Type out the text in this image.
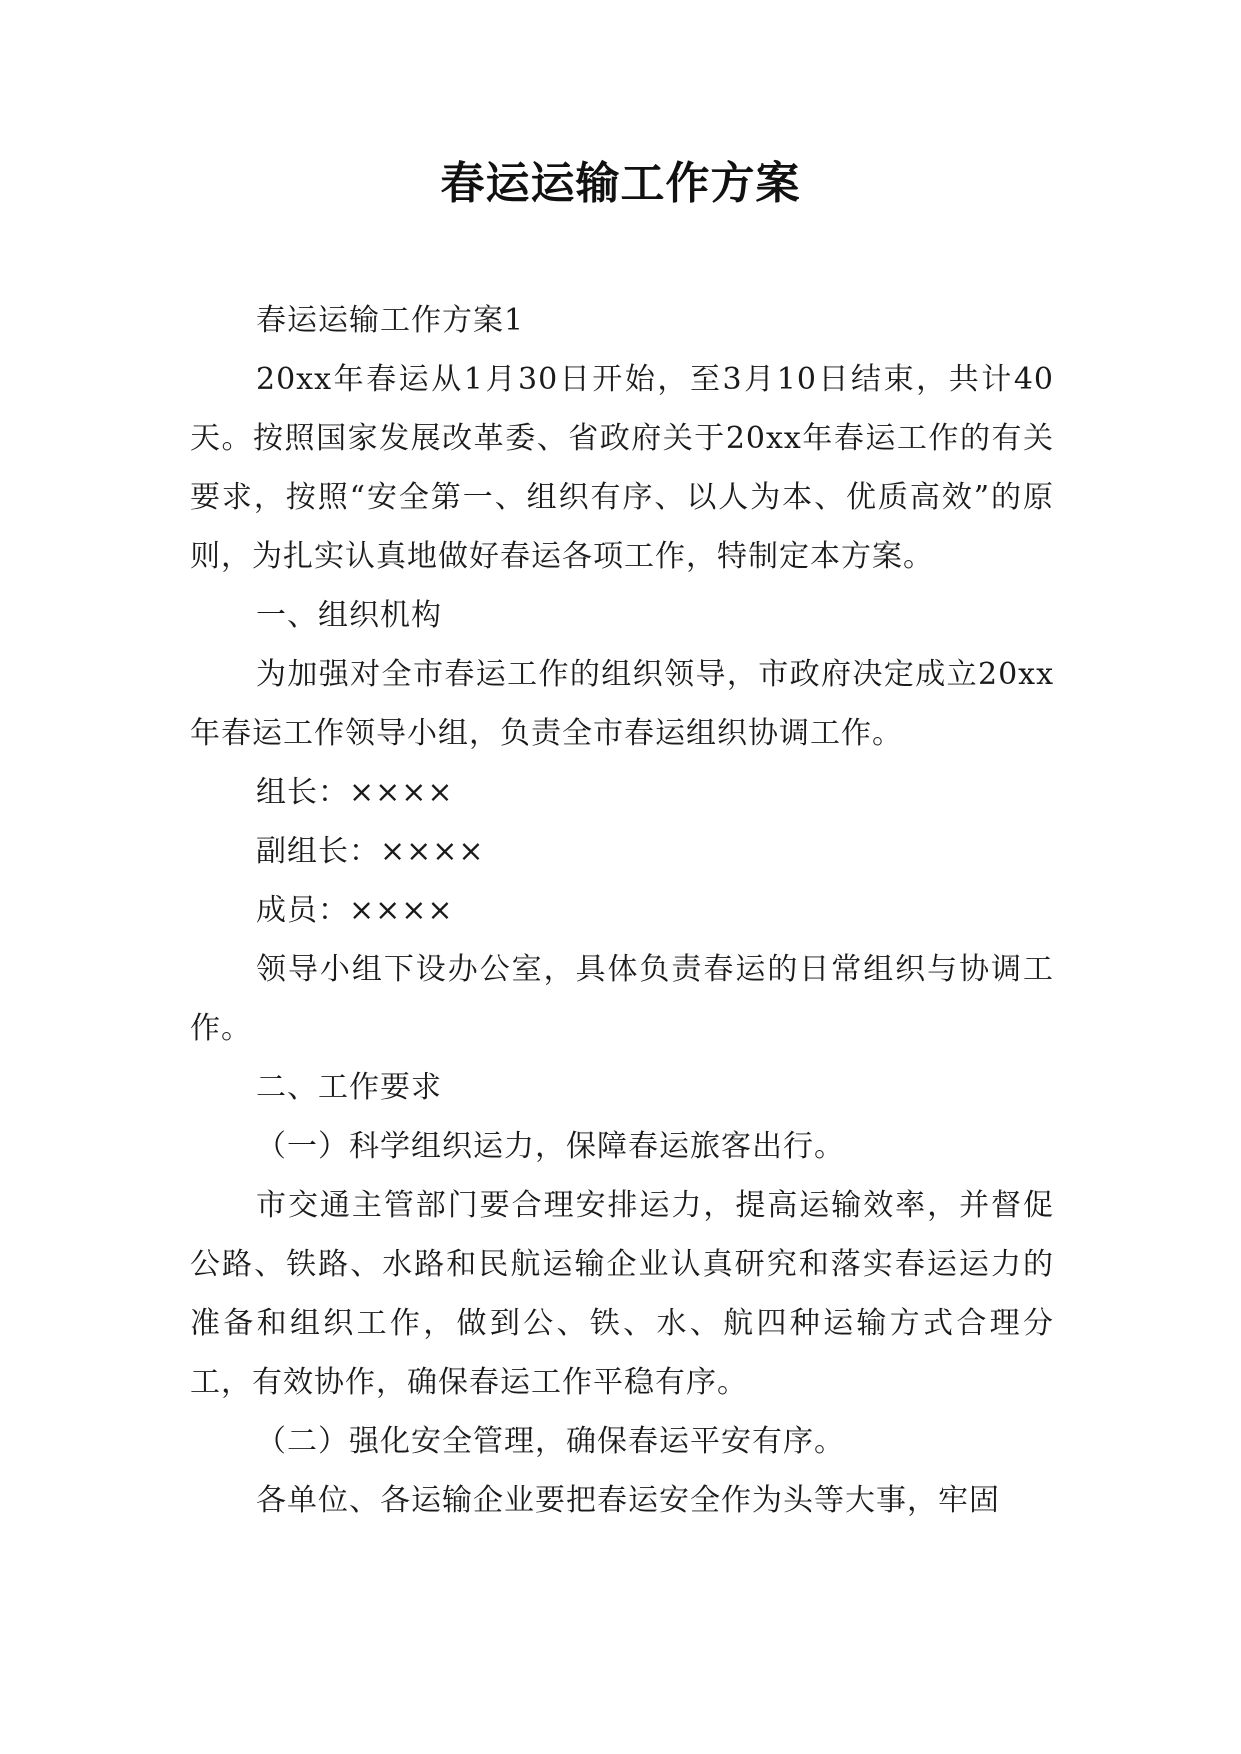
春运运输工作方案

春运运输工作方案1

20xx年春运从1月30日开始，至3月10日结束，共计40天。按照国家发展改革委、省政府关于20xx年春运工作的有关要求，按照“安全第一、组织有序、以人为本、优质高效”的原则，为扎实认真地做好春运各项工作，特制定本方案。

一、组织机构

为加强对全市春运工作的组织领导，市政府决定成立20xx年春运工作领导小组，负责全市春运组织协调工作。

组长：××××

副组长：××××

成员：××××

领导小组下设办公室，具体负责春运的日常组织与协调工作。

二、工作要求

（一）科学组织运力，保障春运旅客出行。

市交通主管部门要合理安排运力，提高运输效率，并督促公路、铁路、水路和民航运输企业认真研究和落实春运运力的准备和组织工作，做到公、铁、水、航四种运输方式合理分工，有效协作，确保春运工作平稳有序。

（二）强化安全管理，确保春运平安有序。

各单位、各运输企业要把春运安全作为头等大事，牢固
